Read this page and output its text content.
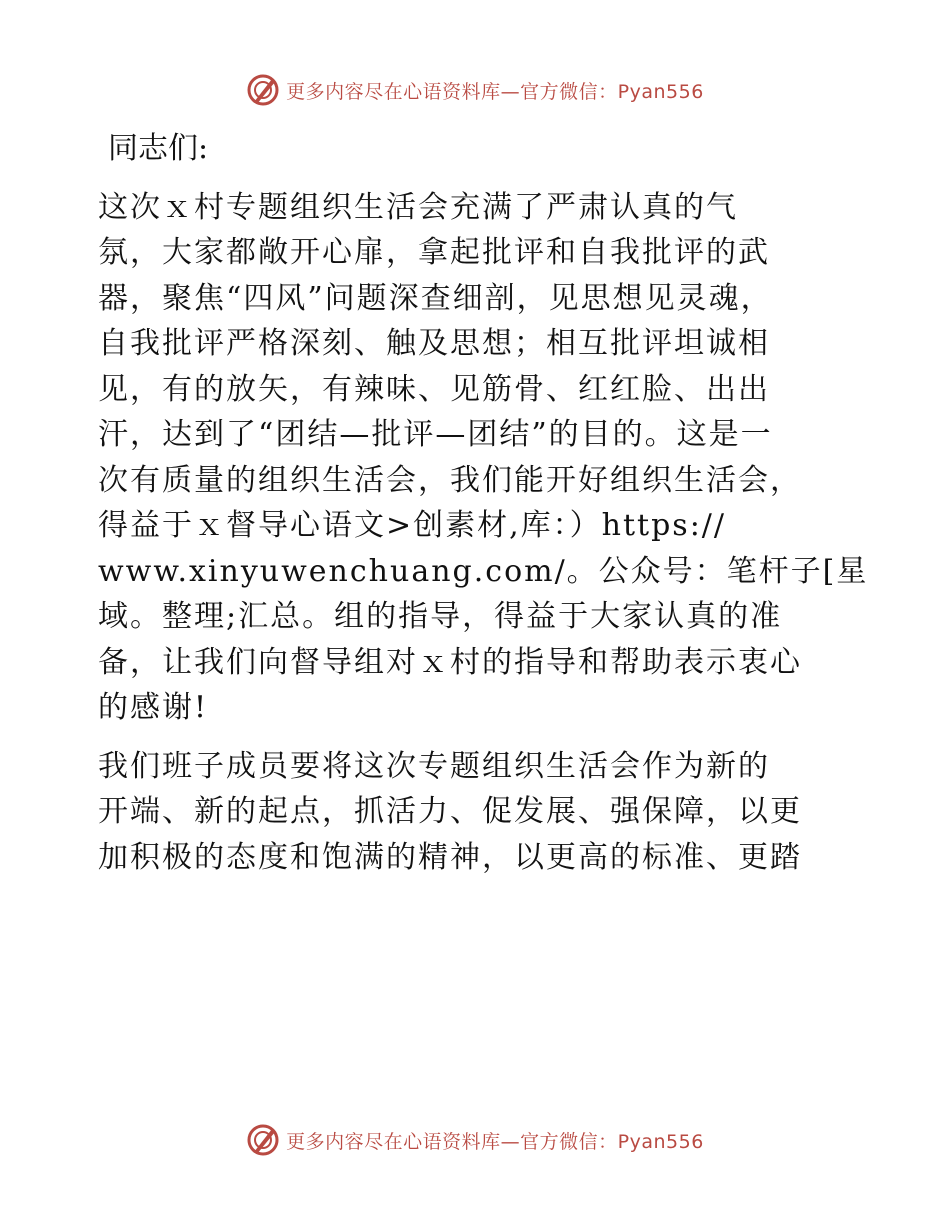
更多内容尽在心语资料库—官方微信：Pyan556
同志们:
这次ｘ村专题组织生活会充满了严肃认真的气
氛，大家都敞开心扉，拿起批评和自我批评的武
器，聚焦“四风”问题深查细剖，见思想见灵魂，
自我批评严格深刻、触及思想；相互批评坦诚相
见，有的放矢，有辣味、见筋骨、红红脸、出出
汗，达到了“团结—批评—团结”的目的。这是一
次有质量的组织生活会，我们能开好组织生活会，
得益于ｘ督导心语文>创素材,库：）https://
www.xinyuwenchuang.com/。公众号：笔杆子[星
域。整理;汇总。组的指导，得益于大家认真的准
备，让我们向督导组对ｘ村的指导和帮助表示衷心
的感谢!
我们班子成员要将这次专题组织生活会作为新的
开端、新的起点，抓活力、促发展、强保障，以更
加积极的态度和饱满的精神，以更高的标准、更踏
更多内容尽在心语资料库—官方微信：Pyan556
